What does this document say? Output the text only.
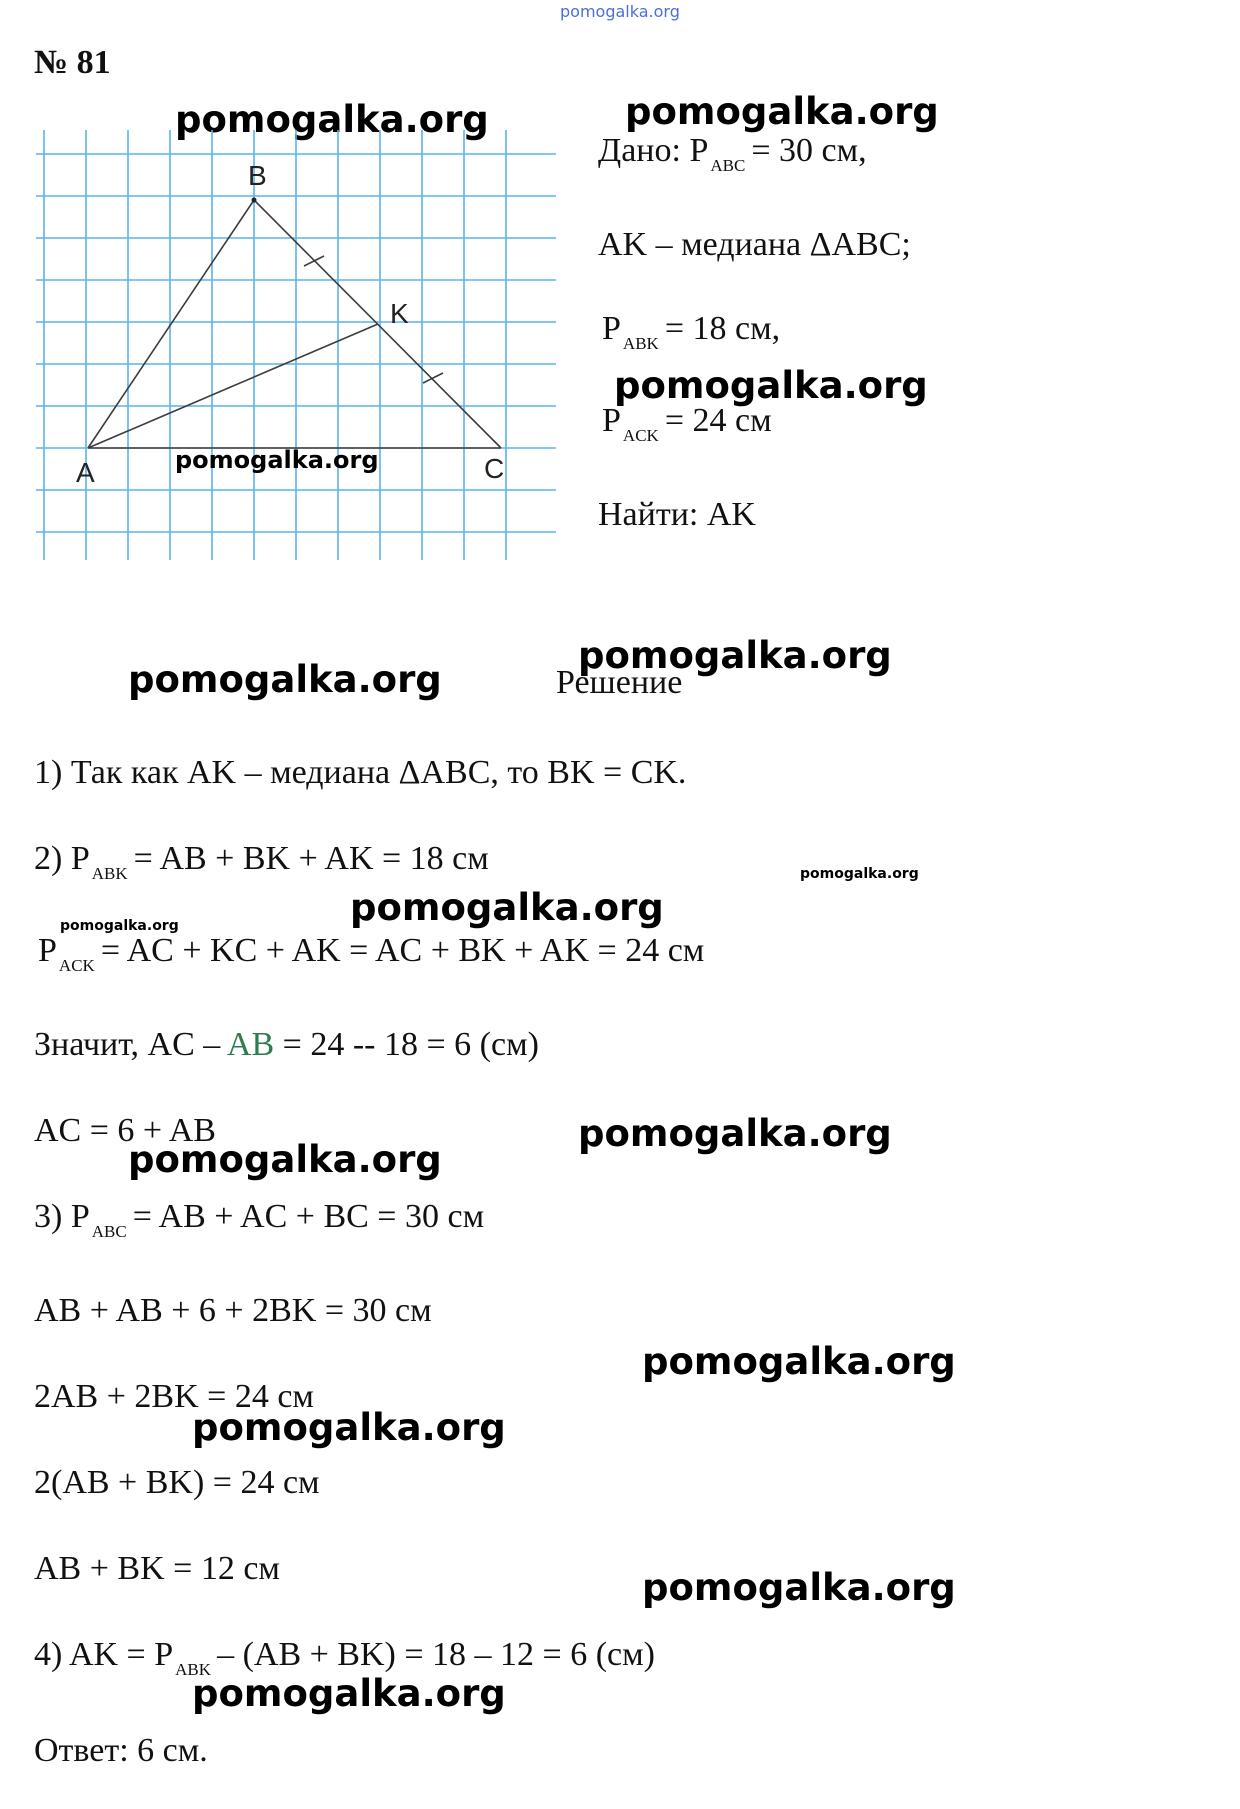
pomogalka.org
№ 81
pomogalka.org	pomogalka.org
B
K
A	C
pomogalka.org
Дано: P $_{ABC}$ = 30 см,
AK – медиана ΔABC;
P $_{ABK}$ = 18 см,
pomogalka.org
P $_{ACK}$ = 24 см
Найти: AK
pomogalka.org	Решение
pomogalka.org
1) Так как AK – медиана ΔABC, то BK = CK.
2) P $_{ABK}$ = AB + BK + AK = 18 см	pomogalka.org
pomogalka.org	pomogalka.org
P $_{ACK}$ = AC + KC + AK = AC + BK + AK = 24 см
Значит, AC – AB = 24 -- 18 = 6 (см)
AC = 6 + AB	pomogalka.org
pomogalka.org
3) P $_{ABC}$ = AB + AC + BC = 30 см
AB + AB + 6 + 2BK = 30 см
pomogalka.org
2AB + 2BK = 24 см
pomogalka.org
2(AB + BK) = 24 см
AB + BK = 12 см	pomogalka.org
4) AK = P $_{ABK}$ – (AB + BK) = 18 – 12 = 6 (см)
pomogalka.org
Ответ: 6 см.
